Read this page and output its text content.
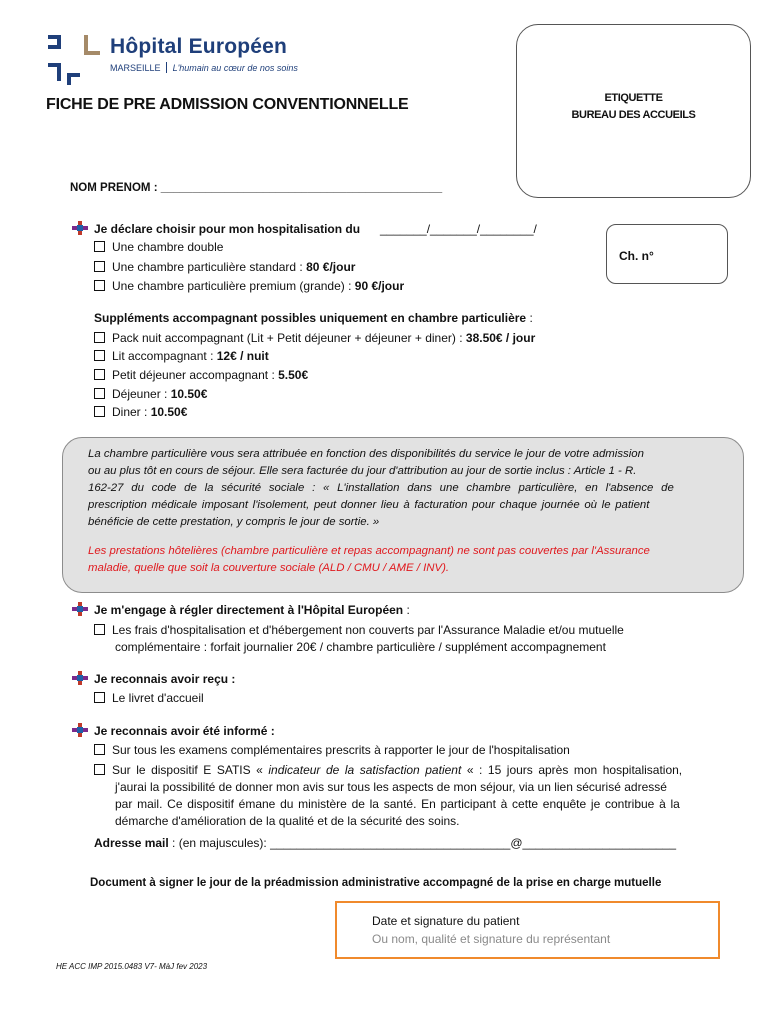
Hôpital Européen
MARSEILLE L'humain au cœur de nos soins
FICHE DE PRE ADMISSION CONVENTIONNELLE	ETIQUETTE
BUREAU DES ACCUEILS
NOM PRENOM : ____________________________________________
Ch. n°
Je déclare choisir pour mon hospitalisation du _______/_______/________/
Une chambre double
Une chambre particulière standard : 80 €/jour
Une chambre particulière premium (grande) : 90 €/jour
Suppléments accompagnant possibles uniquement en chambre particulière :
Pack nuit accompagnant (Lit + Petit déjeuner + déjeuner + diner) : 38.50€ / jour
Lit accompagnant : 12€ / nuit
Petit déjeuner accompagnant : 5.50€
Déjeuner : 10.50€
Diner : 10.50€
La chambre particulière vous sera attribuée en fonction des disponibilités du service le jour de votre admission
ou au plus tôt en cours de séjour. Elle sera facturée du jour d'attribution au jour de sortie inclus : Article 1 - R.
162-27 du code de la sécurité sociale : « L'installation dans une chambre particulière, en l'absence de
prescription médicale imposant l'isolement, peut donner lieu à facturation pour chaque journée où le patient
bénéficie de cette prestation, y compris le jour de sortie. »
Les prestations hôtelières (chambre particulière et repas accompagnant) ne sont pas couvertes par l'Assurance
maladie, quelle que soit la couverture sociale (ALD / CMU / AME / INV).
Je m'engage à régler directement à l'Hôpital Européen :
Les frais d'hospitalisation et d'hébergement non couverts par l'Assurance Maladie et/ou mutuelle
complémentaire : forfait journalier 20€ / chambre particulière / supplément accompagnement
Je reconnais avoir reçu :
Le livret d'accueil
Je reconnais avoir été informé :
Sur tous les examens complémentaires prescrits à rapporter le jour de l'hospitalisation
Sur le dispositif E SATIS « indicateur de la satisfaction patient « : 15 jours après mon hospitalisation,
j'aurai la possibilité de donner mon avis sur tous les aspects de mon séjour, via un lien sécurisé adressé
par mail. Ce dispositif émane du ministère de la santé. En participant à cette enquête je contribue à la
démarche d'amélioration de la qualité et de la sécurité des soins.
Adresse mail : (en majuscules): ____________________________________@_______________________
Document à signer le jour de la préadmission administrative accompagné de la prise en charge mutuelle
Date et signature du patient
Ou nom, qualité et signature du représentant
HE ACC IMP 2015.0483 V7- MàJ fev 2023
